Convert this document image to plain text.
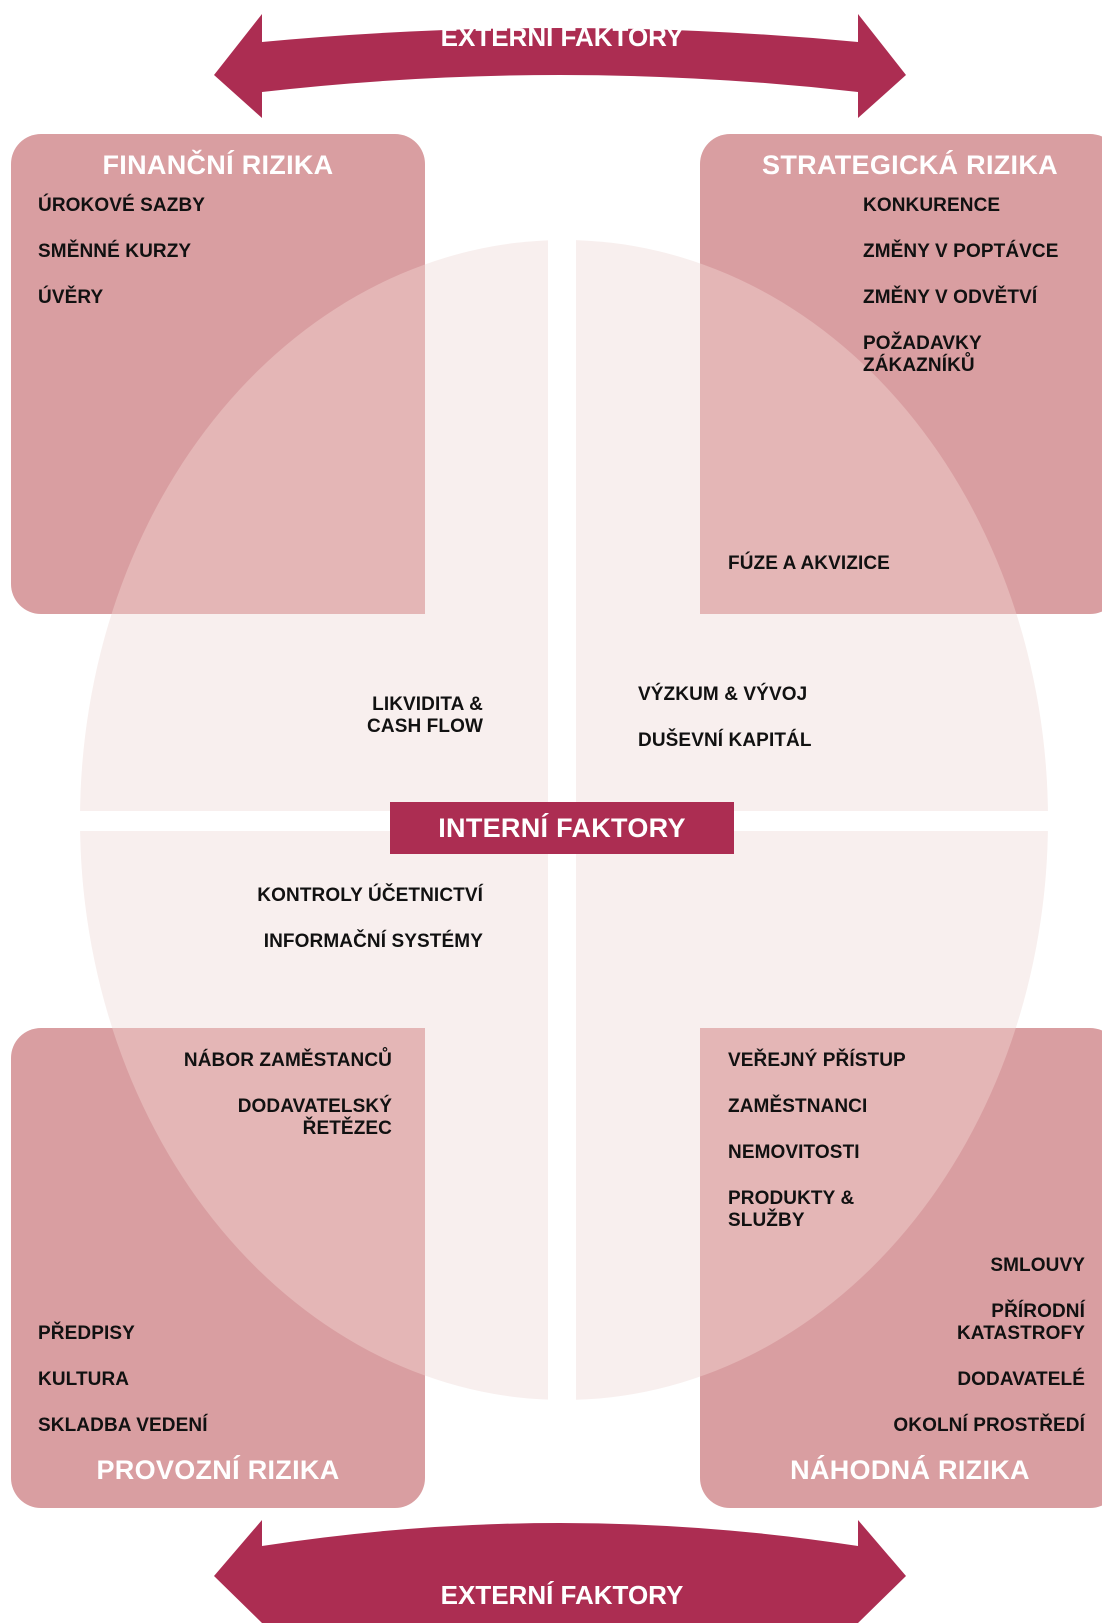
EXTERNÍ FAKTORY
EXTERNÍ FAKTORY
INTERNÍ FAKTORY
FINANČNÍ RIZIKA
ÚROKOVÉ SAZBY
SMĚNNÉ KURZY
ÚVĚRY
STRATEGICKÁ RIZIKA
KONKURENCE
ZMĚNY V POPTÁVCE
ZMĚNY V ODVĚTVÍ
POŽADAVKY
ZÁKAZNÍKŮ
FÚZE A AKVIZICE
LIKVIDITA &
CASH FLOW
VÝZKUM & VÝVOJ
DUŠEVNÍ KAPITÁL
KONTROLY ÚČETNICTVÍ
INFORMAČNÍ SYSTÉMY
NÁBOR ZAMĚSTANCŮ
DODAVATELSKÝ
ŘETĚZEC
PŘEDPISY
KULTURA
SKLADBA VEDENÍ
PROVOZNÍ RIZIKA
VEŘEJNÝ PŘÍSTUP
ZAMĚSTNANCI
NEMOVITOSTI
PRODUKTY &
SLUŽBY
SMLOUVY
PŘÍRODNÍ
KATASTROFY
DODAVATELÉ
OKOLNÍ PROSTŘEDÍ
NÁHODNÁ RIZIKA
